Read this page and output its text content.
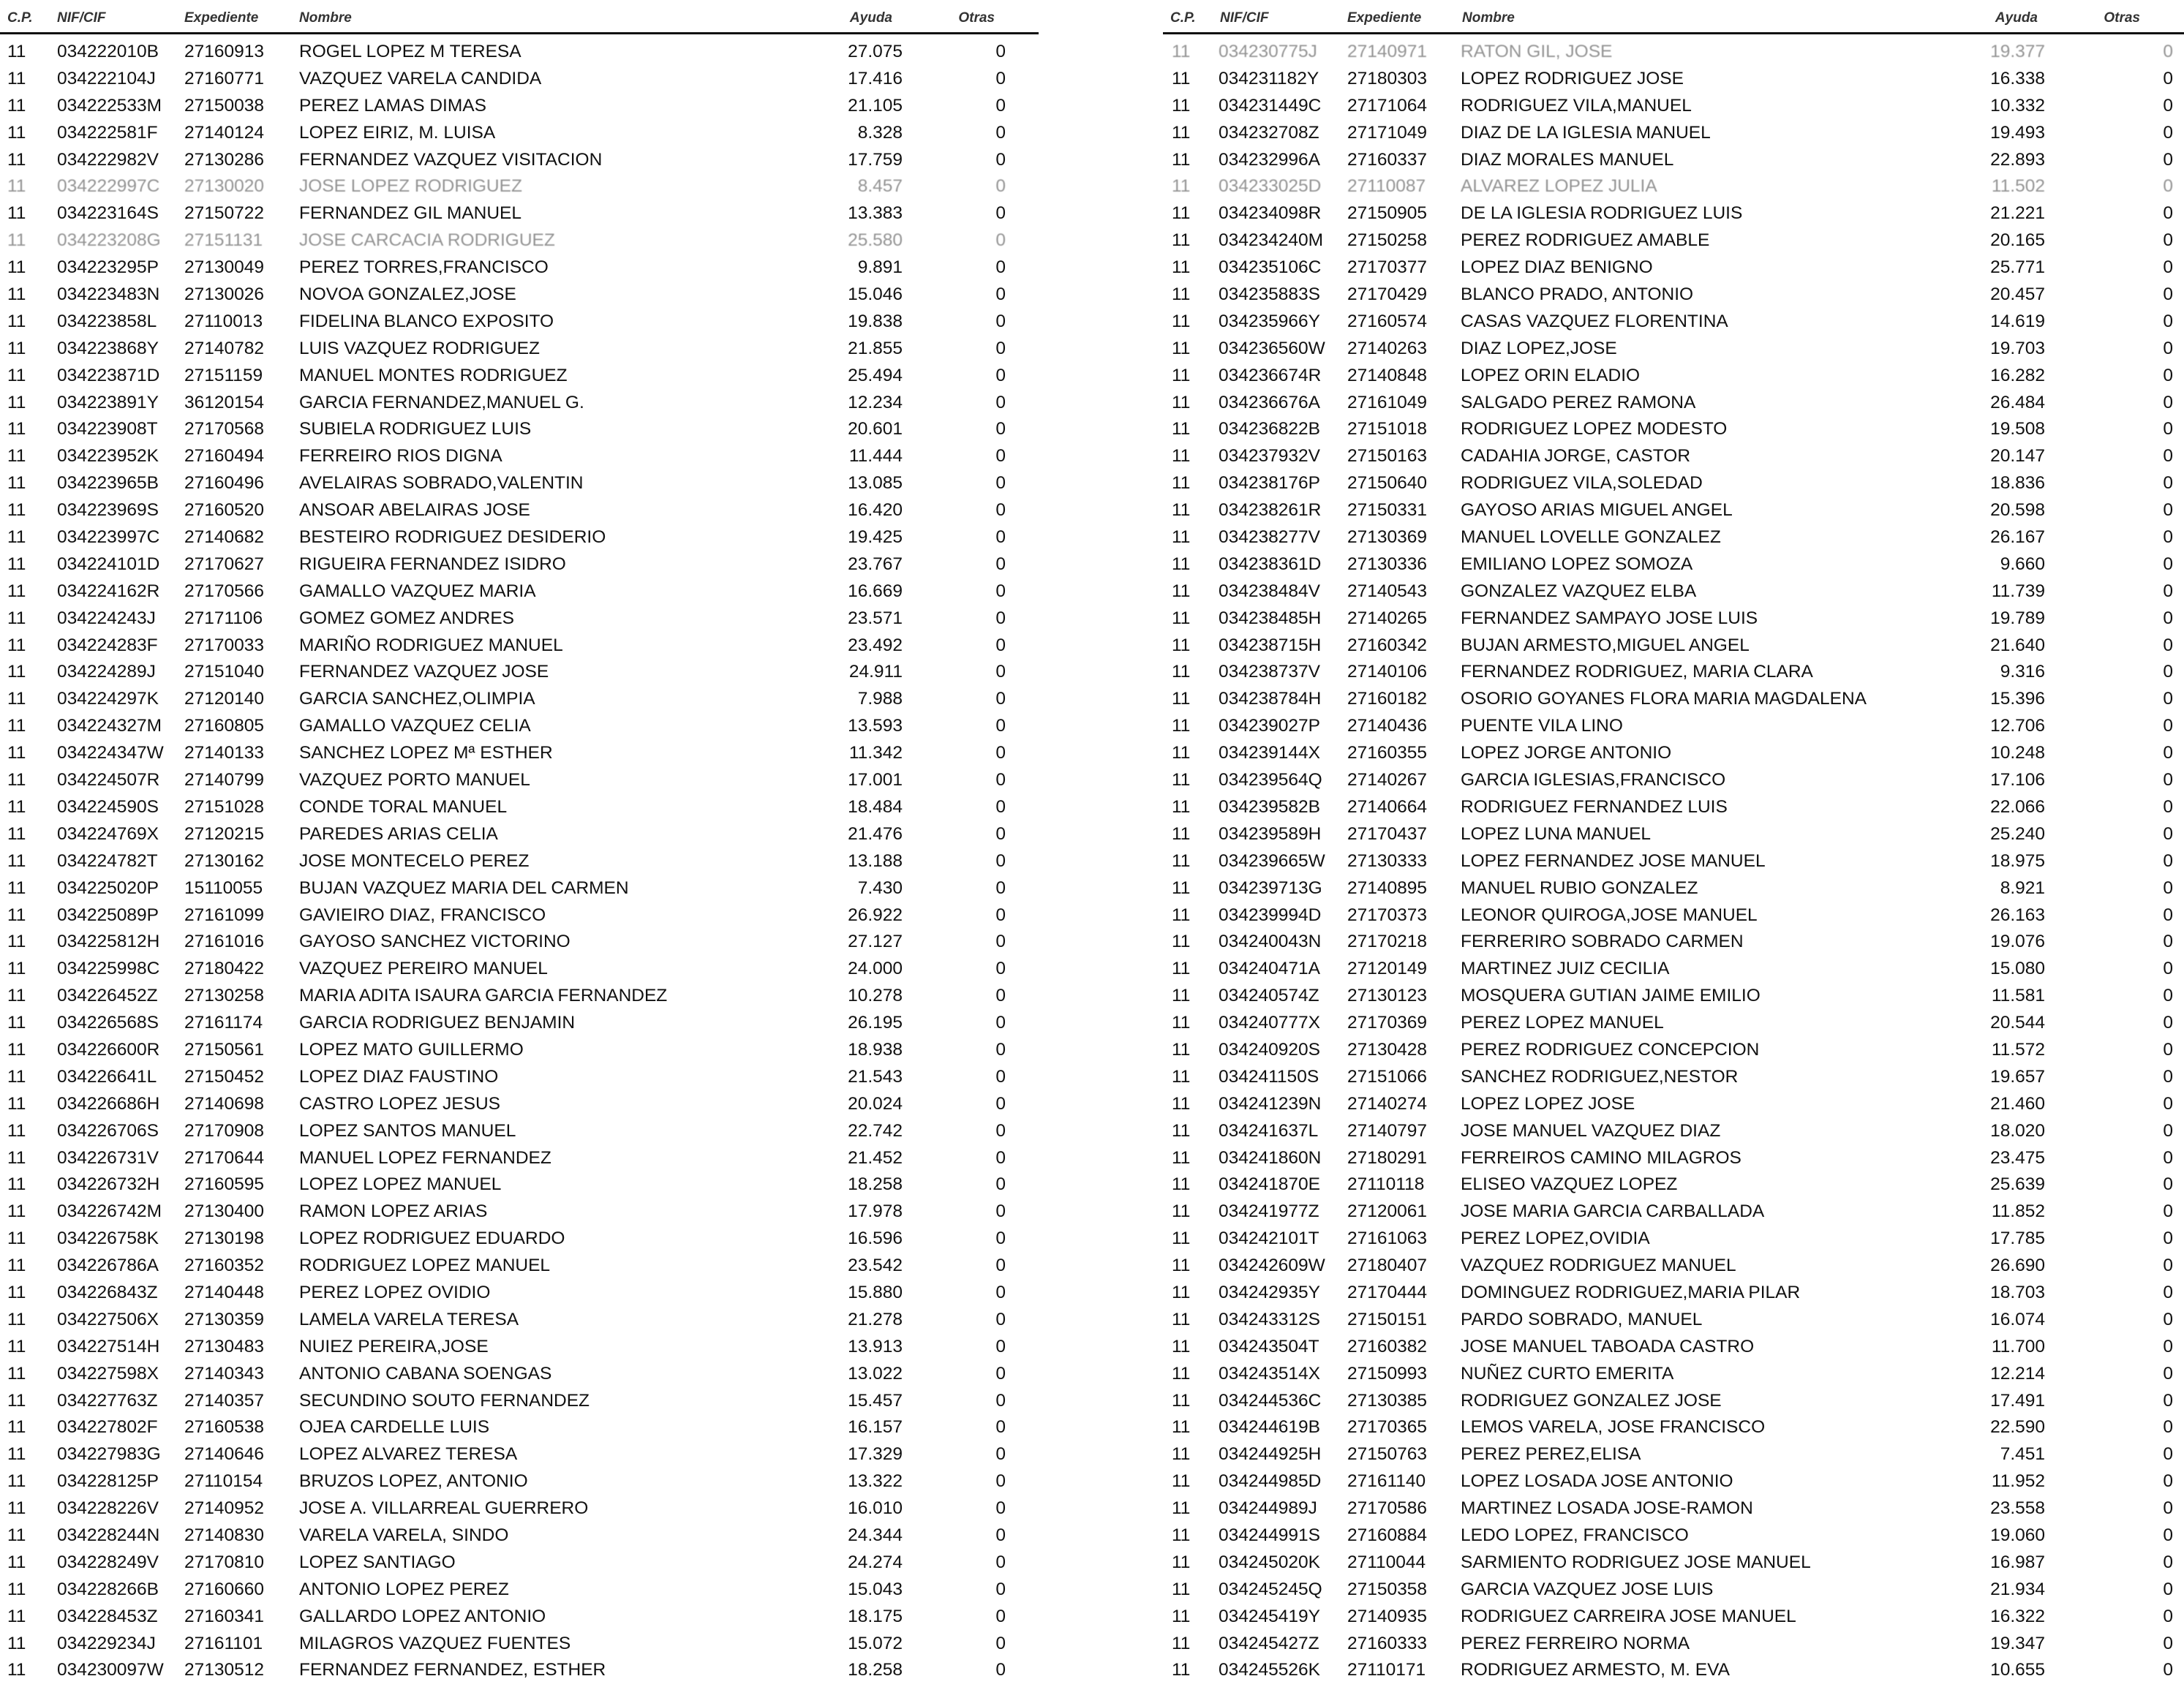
C.P. NIF/CIF	Expediente	Nombre	Ayuda	Otras
11 034222010B 27160913 ROGEL LOPEZ M TERESA	27.075	0
11 034222104J 27160771 VAZQUEZ VARELA CANDIDA	17.416	0
11 034222533M 27150038 PEREZ LAMAS DIMAS	21.105	0
11 034222581F 27140124 LOPEZ EIRIZ, M. LUISA	8.328	0
11 034222982V 27130286 FERNANDEZ VAZQUEZ VISITACION	17.759	0
11 034222997C 27130020 JOSE LOPEZ RODRIGUEZ	8.457	0
11 034223164S 27150722 FERNANDEZ GIL MANUEL	13.383	0
11 034223208G 27151131 JOSE CARCACIA RODRIGUEZ	25.580	0
11 034223295P 27130049 PEREZ TORRES,FRANCISCO	9.891	0
11 034223483N 27130026 NOVOA GONZALEZ,JOSE	15.046	0
11 034223858L 27110013 FIDELINA BLANCO EXPOSITO	19.838	0
11 034223868Y 27140782 LUIS VAZQUEZ RODRIGUEZ	21.855	0
11 034223871D 27151159 MANUEL MONTES RODRIGUEZ	25.494	0
11 034223891Y 36120154 GARCIA FERNANDEZ,MANUEL G.	12.234	0
11 034223908T 27170568 SUBIELA RODRIGUEZ LUIS	20.601	0
11 034223952K 27160494 FERREIRO RIOS DIGNA	11.444	0
11 034223965B 27160496 AVELAIRAS SOBRADO,VALENTIN	13.085	0
11 034223969S 27160520 ANSOAR ABELAIRAS JOSE	16.420	0
11 034223997C 27140682 BESTEIRO RODRIGUEZ DESIDERIO	19.425	0
11 034224101D 27170627 RIGUEIRA FERNANDEZ ISIDRO	23.767	0
11 034224162R 27170566 GAMALLO VAZQUEZ MARIA	16.669	0
11 034224243J 27171106 GOMEZ GOMEZ ANDRES	23.571	0
11 034224283F 27170033 MARIÑO RODRIGUEZ MANUEL	23.492	0
11 034224289J 27151040 FERNANDEZ VAZQUEZ JOSE	24.911	0
11 034224297K 27120140 GARCIA SANCHEZ,OLIMPIA	7.988	0
11 034224327M 27160805 GAMALLO VAZQUEZ CELIA	13.593	0
11 034224347W 27140133 SANCHEZ LOPEZ Mª ESTHER	11.342	0
11 034224507R 27140799 VAZQUEZ PORTO MANUEL	17.001	0
11 034224590S 27151028 CONDE TORAL MANUEL	18.484	0
11 034224769X 27120215 PAREDES ARIAS CELIA	21.476	0
11 034224782T 27130162 JOSE MONTECELO PEREZ	13.188	0
11 034225020P 15110055 BUJAN VAZQUEZ MARIA DEL CARMEN	7.430	0
11 034225089P 27161099 GAVIEIRO DIAZ, FRANCISCO	26.922	0
11 034225812H 27161016 GAYOSO SANCHEZ VICTORINO	27.127	0
11 034225998C 27180422 VAZQUEZ PEREIRO MANUEL	24.000	0
11 034226452Z 27130258 MARIA ADITA ISAURA GARCIA FERNANDEZ	10.278	0
11 034226568S 27161174 GARCIA RODRIGUEZ BENJAMIN	26.195	0
11 034226600R 27150561 LOPEZ MATO GUILLERMO	18.938	0
11 034226641L 27150452 LOPEZ DIAZ FAUSTINO	21.543	0
11 034226686H 27140698 CASTRO LOPEZ JESUS	20.024	0
11 034226706S 27170908 LOPEZ SANTOS MANUEL	22.742	0
11 034226731V 27170644 MANUEL LOPEZ FERNANDEZ	21.452	0
11 034226732H 27160595 LOPEZ LOPEZ MANUEL	18.258	0
11 034226742M 27130400 RAMON LOPEZ ARIAS	17.978	0
11 034226758K 27130198 LOPEZ RODRIGUEZ EDUARDO	16.596	0
11 034226786A 27160352 RODRIGUEZ LOPEZ MANUEL	23.542	0
11 034226843Z 27140448 PEREZ LOPEZ OVIDIO	15.880	0
11 034227506X 27130359 LAMELA VARELA TERESA	21.278	0
11 034227514H 27130483 NUIEZ PEREIRA,JOSE	13.913	0
11 034227598X 27140343 ANTONIO CABANA SOENGAS	13.022	0
11 034227763Z 27140357 SECUNDINO SOUTO FERNANDEZ	15.457	0
11 034227802F 27160538 OJEA CARDELLE LUIS	16.157	0
11 034227983G 27140646 LOPEZ ALVAREZ TERESA	17.329	0
11 034228125P 27110154 BRUZOS LOPEZ, ANTONIO	13.322	0
11 034228226V 27140952 JOSE A. VILLARREAL GUERRERO	16.010	0
11 034228244N 27140830 VARELA VARELA, SINDO	24.344	0
11 034228249V 27170810 LOPEZ SANTIAGO	24.274	0
11 034228266B 27160660 ANTONIO LOPEZ PEREZ	15.043	0
11 034228453Z 27160341 GALLARDO LOPEZ ANTONIO	18.175	0
11 034229234J 27161101 MILAGROS VAZQUEZ FUENTES	15.072	0
11 034230097W 27130512 FERNANDEZ FERNANDEZ, ESTHER	18.258	0
C.P. NIF/CIF	Expediente	Nombre	Ayuda	Otras
11 034230775J 27140971 RATON GIL, JOSE	19.377	0
11 034231182Y 27180303 LOPEZ RODRIGUEZ JOSE	16.338	0
11 034231449C 27171064 RODRIGUEZ VILA,MANUEL	10.332	0
11 034232708Z 27171049 DIAZ DE LA IGLESIA MANUEL	19.493	0
11 034232996A 27160337 DIAZ MORALES MANUEL	22.893	0
11 034233025D 27110087 ALVAREZ LOPEZ JULIA	11.502	0
11 034234098R 27150905 DE LA IGLESIA RODRIGUEZ LUIS	21.221	0
11 034234240M 27150258 PEREZ RODRIGUEZ AMABLE	20.165	0
11 034235106C 27170377 LOPEZ DIAZ BENIGNO	25.771	0
11 034235883S 27170429 BLANCO PRADO, ANTONIO	20.457	0
11 034235966Y 27160574 CASAS VAZQUEZ FLORENTINA	14.619	0
11 034236560W 27140263 DIAZ LOPEZ,JOSE	19.703	0
11 034236674R 27140848 LOPEZ ORIN ELADIO	16.282	0
11 034236676A 27161049 SALGADO PEREZ RAMONA	26.484	0
11 034236822B 27151018 RODRIGUEZ LOPEZ MODESTO	19.508	0
11 034237932V 27150163 CADAHIA JORGE, CASTOR	20.147	0
11 034238176P 27150640 RODRIGUEZ VILA,SOLEDAD	18.836	0
11 034238261R 27150331 GAYOSO ARIAS MIGUEL ANGEL	20.598	0
11 034238277V 27130369 MANUEL LOVELLE GONZALEZ	26.167	0
11 034238361D 27130336 EMILIANO LOPEZ SOMOZA	9.660	0
11 034238484V 27140543 GONZALEZ VAZQUEZ ELBA	11.739	0
11 034238485H 27140265 FERNANDEZ SAMPAYO JOSE LUIS	19.789	0
11 034238715H 27160342 BUJAN ARMESTO,MIGUEL ANGEL	21.640	0
11 034238737V 27140106 FERNANDEZ RODRIGUEZ, MARIA CLARA	9.316	0
11 034238784H 27160182 OSORIO GOYANES FLORA MARIA MAGDALENA	15.396	0
11 034239027P 27140436 PUENTE VILA LINO	12.706	0
11 034239144X 27160355 LOPEZ JORGE ANTONIO	10.248	0
11 034239564Q 27140267 GARCIA IGLESIAS,FRANCISCO	17.106	0
11 034239582B 27140664 RODRIGUEZ FERNANDEZ LUIS	22.066	0
11 034239589H 27170437 LOPEZ LUNA MANUEL	25.240	0
11 034239665W 27130333 LOPEZ FERNANDEZ JOSE MANUEL	18.975	0
11 034239713G 27140895 MANUEL RUBIO GONZALEZ	8.921	0
11 034239994D 27170373 LEONOR QUIROGA,JOSE MANUEL	26.163	0
11 034240043N 27170218 FERRERIRO SOBRADO CARMEN	19.076	0
11 034240471A 27120149 MARTINEZ JUIZ CECILIA	15.080	0
11 034240574Z 27130123 MOSQUERA GUTIAN JAIME EMILIO	11.581	0
11 034240777X 27170369 PEREZ LOPEZ MANUEL	20.544	0
11 034240920S 27130428 PEREZ RODRIGUEZ CONCEPCION	11.572	0
11 034241150S 27151066 SANCHEZ RODRIGUEZ,NESTOR	19.657	0
11 034241239N 27140274 LOPEZ LOPEZ JOSE	21.460	0
11 034241637L 27140797 JOSE MANUEL VAZQUEZ DIAZ	18.020	0
11 034241860N 27180291 FERREIROS CAMINO MILAGROS	23.475	0
11 034241870E 27110118 ELISEO VAZQUEZ LOPEZ	25.639	0
11 034241977Z 27120061 JOSE MARIA GARCIA CARBALLADA	11.852	0
11 034242101T 27161063 PEREZ LOPEZ,OVIDIA	17.785	0
11 034242609W 27180407 VAZQUEZ RODRIGUEZ MANUEL	26.690	0
11 034242935Y 27170444 DOMINGUEZ RODRIGUEZ,MARIA PILAR	18.703	0
11 034243312S 27150151 PARDO SOBRADO, MANUEL	16.074	0
11 034243504T 27160382 JOSE MANUEL TABOADA CASTRO	11.700	0
11 034243514X 27150993 NUÑEZ CURTO EMERITA	12.214	0
11 034244536C 27130385 RODRIGUEZ GONZALEZ JOSE	17.491	0
11 034244619B 27170365 LEMOS VARELA, JOSE FRANCISCO	22.590	0
11 034244925H 27150763 PEREZ PEREZ,ELISA	7.451	0
11 034244985D 27161140 LOPEZ LOSADA JOSE ANTONIO	11.952	0
11 034244989J 27170586 MARTINEZ LOSADA JOSE-RAMON	23.558	0
11 034244991S 27160884 LEDO LOPEZ, FRANCISCO	19.060	0
11 034245020K 27110044 SARMIENTO RODRIGUEZ JOSE MANUEL	16.987	0
11 034245245Q 27150358 GARCIA VAZQUEZ JOSE LUIS	21.934	0
11 034245419Y 27140935 RODRIGUEZ CARREIRA JOSE MANUEL	16.322	0
11 034245427Z 27160333 PEREZ FERREIRO NORMA	19.347	0
11 034245526K 27110171 RODRIGUEZ ARMESTO, M. EVA	10.655	0
